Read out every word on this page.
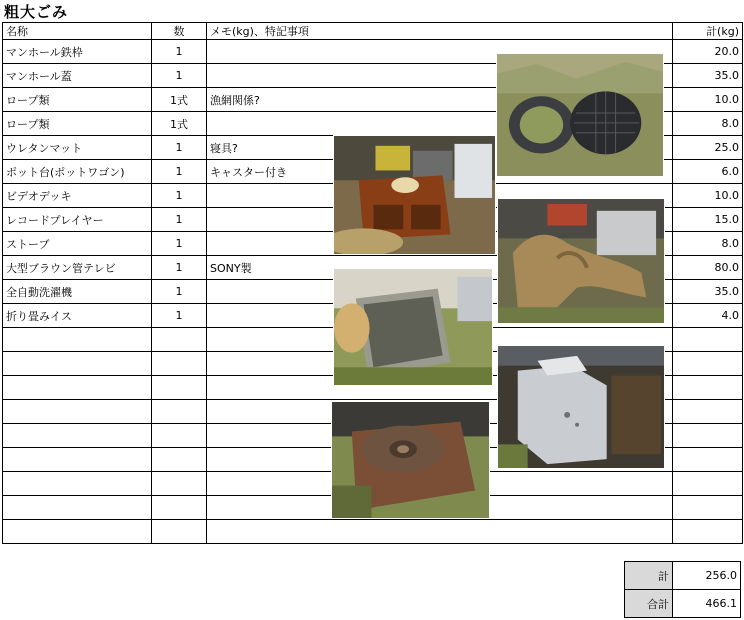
粗大ごみ
名称	数	メモ(kg)、特記事項	計(kg)
マンホール鉄枠	1		20.0
マンホール蓋	1		35.0
ロープ類	1式	漁網関係?	10.0
ロープ類	1式		8.0
ウレタンマット	1	寝具?	25.0
ポット台(ポットワゴン)	1	キャスター付き	6.0
ビデオデッキ	1		10.0
レコードプレイヤー	1		15.0
ストーブ	1		8.0
大型ブラウン管テレビ	1	SONY製	80.0
全自動洗濯機	1		35.0
折り畳みイス	1		4.0

計	256.0
合計	466.1
